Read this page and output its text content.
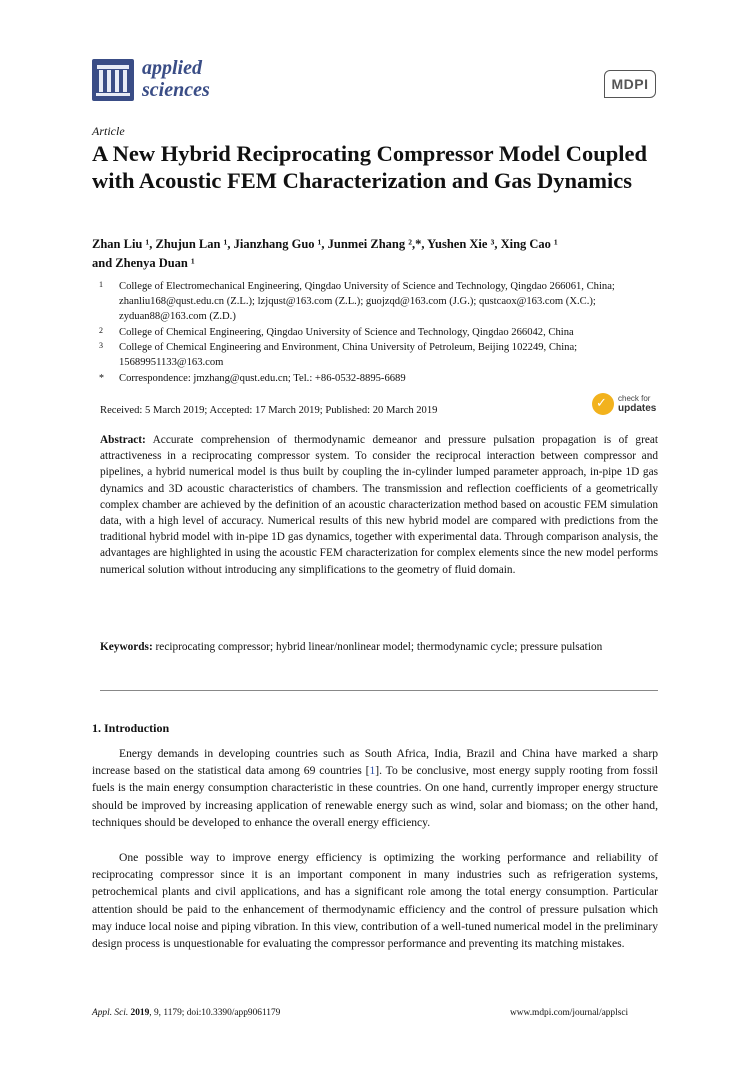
applied
sciences	MDPI
Article
A New Hybrid Reciprocating Compressor Model Coupled with Acoustic FEM Characterization and Gas Dynamics
Zhan Liu ¹, Zhujun Lan ¹, Jianzhang Guo ¹, Junmei Zhang ²,*, Yushen Xie ³, Xing Cao ¹
and Zhenya Duan ¹
1 College of Electromechanical Engineering, Qingdao University of Science and Technology, Qingdao 266061, China; zhanliu168@qust.edu.cn (Z.L.); lzjqust@163.com (Z.L.); guojzqd@163.com (J.G.); qustcaox@163.com (X.C.); zyduan88@163.com (Z.D.)
2 College of Chemical Engineering, Qingdao University of Science and Technology, Qingdao 266042, China
3 College of Chemical Engineering and Environment, China University of Petroleum, Beijing 102249, China; 15689951133@163.com
* Correspondence: jmzhang@qust.edu.cn; Tel.: +86-0532-8895-6689
Received: 5 March 2019; Accepted: 17 March 2019; Published: 20 March 2019	✓ check for
updates

Abstract: Accurate comprehension of thermodynamic demeanor and pressure pulsation propagation is of great attractiveness in a reciprocating compressor system. To consider the reciprocal interaction between compressor and pipelines, a hybrid numerical model is thus built by coupling the in-cylinder lumped parameter approach, in-pipe 1D gas dynamics and 3D acoustic characteristics of chambers. The transmission and reflection coefficients of a geometrically complex chamber are achieved by the definition of an acoustic characterization method based on acoustic FEM simulation data, with a high level of accuracy. Numerical results of this new hybrid model are compared with predictions from the traditional hybrid model with in-pipe 1D gas dynamics, together with experimental data. Through comparison analysis, the advantages are highlighted in using the acoustic FEM characterization for complex elements since the new model performs numerical solution without introducing any simplifications to the geometry of fluid domain.

Keywords: reciprocating compressor; hybrid linear/nonlinear model; thermodynamic cycle; pressure pulsation

1. Introduction

Energy demands in developing countries such as South Africa, India, Brazil and China have marked a sharp increase based on the statistical data among 69 countries [1]. To be conclusive, most energy supply rooting from fossil fuels is the main energy consumption characteristic in these countries. On one hand, currently improper energy structure should be improved by increasing application of renewable energy such as wind, solar and biomass; on the other hand, techniques should be developed to enhance the overall energy efficiency.

One possible way to improve energy efficiency is optimizing the working performance and reliability of reciprocating compressor since it is an important component in many industries such as refrigeration systems, petrochemical plants and civil applications, and has a significant role among the total energy consumption. Particular attention should be paid to the enhancement of thermodynamic efficiency and the control of pressure pulsation which may induce local noise and piping vibration. In this view, contribution of a well-tuned numerical model in the preliminary design process is unquestionable for evaluating the compressor performance and preventing its matching mistakes.

Appl. Sci. 2019, 9, 1179; doi:10.3390/app9061179	www.mdpi.com/journal/applsci
